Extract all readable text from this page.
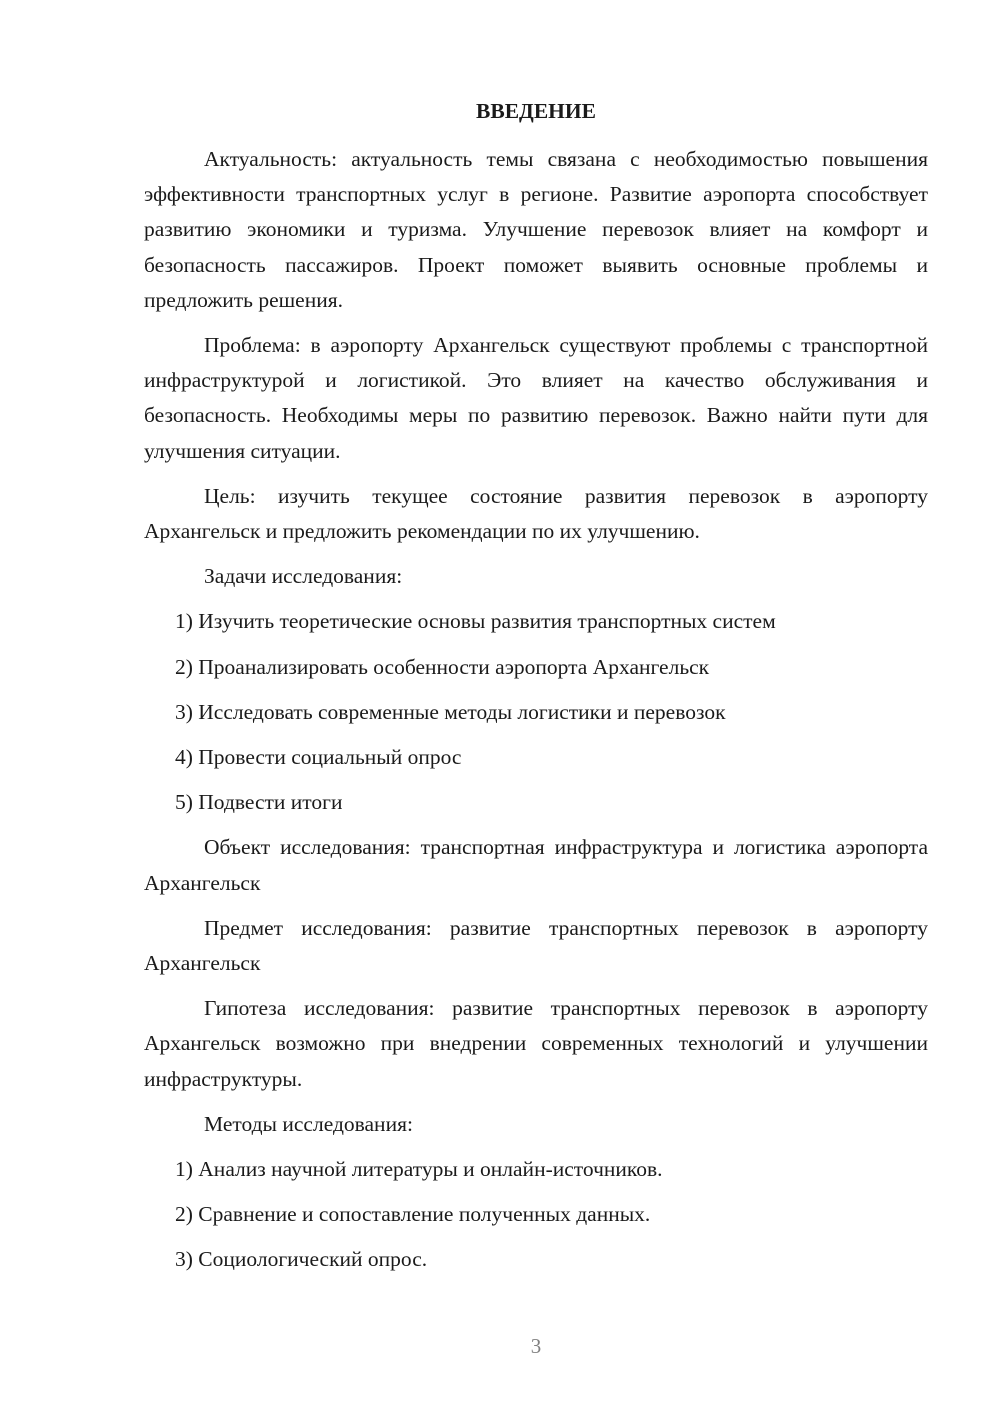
ВВЕДЕНИЕ

Актуальность: актуальность темы связана с необходимостью повышения эффективности транспортных услуг в регионе. Развитие аэропорта способствует развитию экономики и туризма. Улучшение перевозок влияет на комфорт и безопасность пассажиров. Проект поможет выявить основные проблемы и предложить решения.

Проблема: в аэропорту Архангельск существуют проблемы с транспортной инфраструктурой и логистикой. Это влияет на качество обслуживания и безопасность. Необходимы меры по развитию перевозок. Важно найти пути для улучшения ситуации.

Цель: изучить текущее состояние развития перевозок в аэропорту Архангельск и предложить рекомендации по их улучшению.

Задачи исследования:
1) Изучить теоретические основы развития транспортных систем
2) Проанализировать особенности аэропорта Архангельск
3) Исследовать современные методы логистики и перевозок
4) Провести социальный опрос
5) Подвести итоги

Объект исследования: транспортная инфраструктура и логистика аэропорта Архангельск

Предмет исследования: развитие транспортных перевозок в аэропорту Архангельск

Гипотеза исследования: развитие транспортных перевозок в аэропорту Архангельск возможно при внедрении современных технологий и улучшении инфраструктуры.

Методы исследования:
1) Анализ научной литературы и онлайн-источников.
2) Сравнение и сопоставление полученных данных.
3) Социологический опрос.
3
